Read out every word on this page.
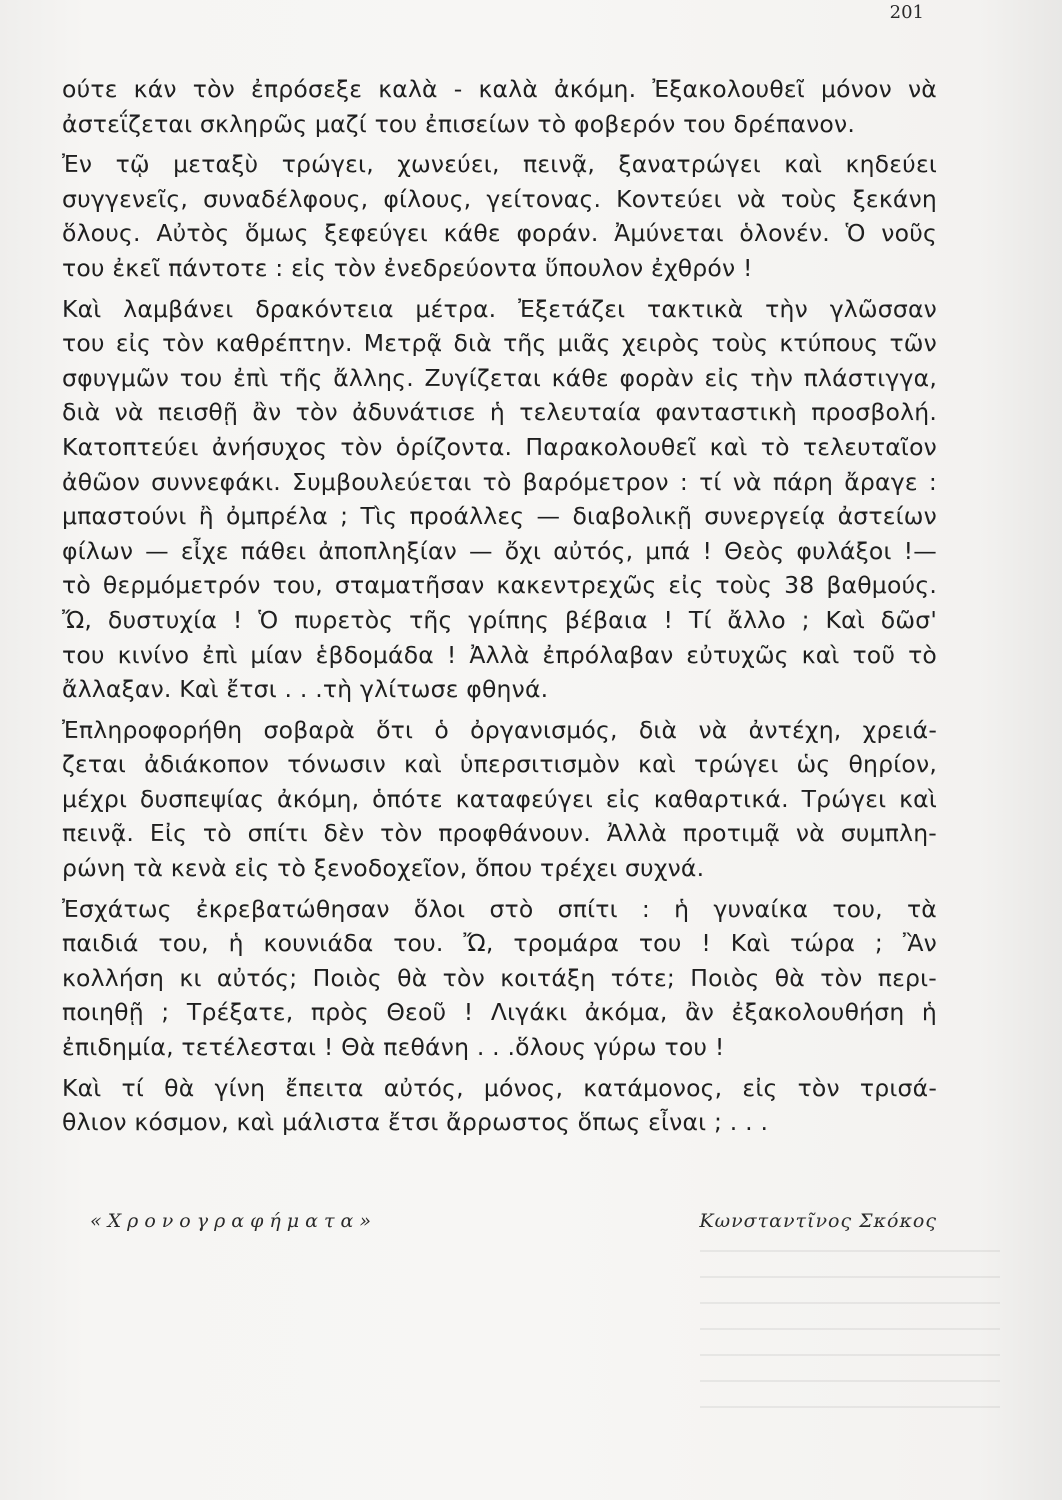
201
ούτε κάν τὸν ἐπρόσεξε καλὰ - καλὰ ἀκόμη. Ἐξακολουθεῖ μόνον νὰ
ἀστεΐζεται σκληρῶς μαζί του ἐπισείων τὸ φοβερόν του δρέπανον.
Ἐν τῷ μεταξὺ τρώγει, χωνεύει, πεινᾷ, ξανατρώγει καὶ κηδεύει
συγγενεῖς, συναδέλφους, φίλους, γείτονας. Κοντεύει νὰ τοὺς ξεκάνη
ὅλους. Αὐτὸς ὅμως ξεφεύγει κάθε φοράν. Ἀμύνεται ὁλονέν. Ὁ νοῦς
του ἐκεῖ πάντοτε : εἰς τὸν ἐνεδρεύοντα ὕπουλον ἐχθρόν !
Καὶ λαμβάνει δρακόντεια μέτρα. Ἐξετάζει τακτικὰ τὴν γλῶσσαν
του εἰς τὸν καθρέπτην. Μετρᾷ διὰ τῆς μιᾶς χειρὸς τοὺς κτύπους τῶν
σφυγμῶν του ἐπὶ τῆς ἄλλης. Ζυγίζεται κάθε φορὰν εἰς τὴν πλάστιγγα,
διὰ νὰ πεισθῇ ἂν τὸν ἀδυνάτισε ἡ τελευταία φανταστικὴ προσβολή.
Κατοπτεύει ἀνήσυχος τὸν ὁρίζοντα. Παρακολουθεῖ καὶ τὸ τελευταῖον
ἀθῶον συννεφάκι. Συμβουλεύεται τὸ βαρόμετρον : τί νὰ πάρη ἄραγε :
μπαστούνι ἢ ὀμπρέλα ; Τὶς προάλλες — διαβολικῇ συνεργείᾳ ἀστείων
φίλων — εἶχε πάθει ἀποπληξίαν — ὄχι αὐτός, μπά ! Θεὸς φυλάξοι !—
τὸ θερμόμετρόν του, σταματῆσαν κακεντρεχῶς εἰς τοὺς 38 βαθμούς.
Ὤ, δυστυχία ! Ὁ πυρετὸς τῆς γρίπης βέβαια ! Τί ἄλλο ; Καὶ δῶσ'
του κινίνο ἐπὶ μίαν ἑβδομάδα ! Ἀλλὰ ἐπρόλαβαν εὐτυχῶς καὶ τοῦ τὸ
ἄλλαξαν. Καὶ ἔτσι . . .τὴ γλίτωσε φθηνά.
Ἐπληροφορήθη σοβαρὰ ὅτι ὁ ὀργανισμός, διὰ νὰ ἀντέχη, χρειά-
ζεται ἀδιάκοπον τόνωσιν καὶ ὑπερσιτισμὸν καὶ τρώγει ὡς θηρίον,
μέχρι δυσπεψίας ἀκόμη, ὁπότε καταφεύγει εἰς καθαρτικά. Τρώγει καὶ
πεινᾷ. Εἰς τὸ σπίτι δὲν τὸν προφθάνουν. Ἀλλὰ προτιμᾷ νὰ συμπλη-
ρώνη τὰ κενὰ εἰς τὸ ξενοδοχεῖον, ὅπου τρέχει συχνά.
Ἐσχάτως ἐκρεβατώθησαν ὅλοι στὸ σπίτι : ἡ γυναίκα του, τὰ
παιδιά του, ἡ κουνιάδα του. Ὤ, τρομάρα του ! Καὶ τώρα ; Ἂν
κολλήση κι αὐτός; Ποιὸς θὰ τὸν κοιτάξη τότε; Ποιὸς θὰ τὸν περι-
ποιηθῇ ; Τρέξατε, πρὸς Θεοῦ ! Λιγάκι ἀκόμα, ἂν ἐξακολουθήση ἡ
ἐπιδημία, τετέλεσται ! Θὰ πεθάνη . . .ὅλους γύρω του !
Καὶ τί θὰ γίνη ἔπειτα αὐτός, μόνος, κατάμονος, εἰς τὸν τρισά-
θλιον κόσμον, καὶ μάλιστα ἔτσι ἄρρωστος ὅπως εἶναι ; . . .
«Χρονογραφήματα»	Κωνσταντῖνος Σκόκος
